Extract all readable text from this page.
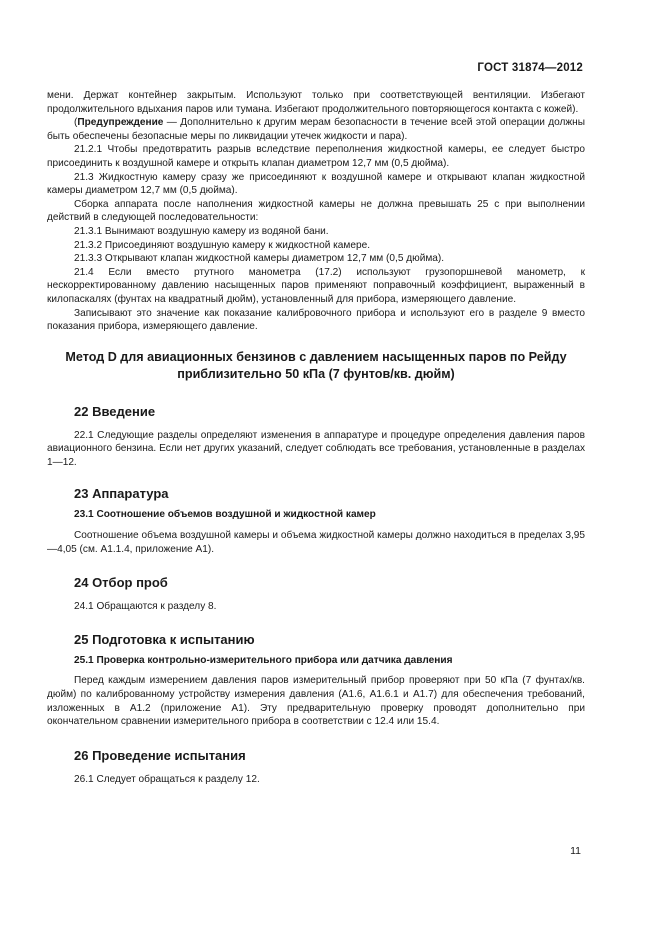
ГОСТ 31874—2012

мени. Держат контейнер закрытым. Используют только при соответствующей вентиляции. Избегают продолжительного вдыхания паров или тумана. Избегают продолжительного повторяющегося контакта с кожей).

(Предупреждение — Дополнительно к другим мерам безопасности в течение всей этой операции должны быть обеспечены безопасные меры по ликвидации утечек жидкости и пара).

21.2.1 Чтобы предотвратить разрыв вследствие переполнения жидкостной камеры, ее следует быстро присоединить к воздушной камере и открыть клапан диаметром 12,7 мм (0,5 дюйма).

21.3 Жидкостную камеру сразу же присоединяют к воздушной камере и открывают клапан жидкостной камеры диаметром 12,7 мм (0,5 дюйма).

Сборка аппарата после наполнения жидкостной камеры не должна превышать 25 с при выполнении действий в следующей последовательности:

21.3.1 Вынимают воздушную камеру из водяной бани.

21.3.2 Присоединяют воздушную камеру к жидкостной камере.

21.3.3 Открывают клапан жидкостной камеры диаметром 12,7 мм (0,5 дюйма).

21.4 Если вместо ртутного манометра (17.2) используют грузопоршневой манометр, к нескорректированному давлению насыщенных паров применяют поправочный коэффициент, выраженный в килопаскалях (фунтах на квадратный дюйм), установленный для прибора, измеряющего давление.

Записывают это значение как показание калибровочного прибора и используют его в разделе 9 вместо показания прибора, измеряющего давление.

Метод D для авиационных бензинов с давлением насыщенных паров по Рейду приблизительно 50 кПа (7 фунтов/кв. дюйм)

22 Введение

22.1 Следующие разделы определяют изменения в аппаратуре и процедуре определения давления паров авиационного бензина. Если нет других указаний, следует соблюдать все требования, установленные в разделах 1—12.

23 Аппаратура

23.1 Соотношение объемов воздушной и жидкостной камер

Соотношение объема воздушной камеры и объема жидкостной камеры должно находиться в пределах 3,95—4,05 (см. А1.1.4, приложение А1).

24 Отбор проб

24.1 Обращаются к разделу 8.

25 Подготовка к испытанию

25.1 Проверка контрольно-измерительного прибора или датчика давления

Перед каждым измерением давления паров измерительный прибор проверяют при 50 кПа (7 фунтах/кв. дюйм) по калиброванному устройству измерения давления (А1.6, А1.6.1 и А1.7) для обеспечения требований, изложенных в А1.2 (приложение А1). Эту предварительную проверку проводят дополнительно при окончательном сравнении измерительного прибора в соответствии с 12.4 или 15.4.

26 Проведение испытания

26.1 Следует обращаться к разделу 12.

11
